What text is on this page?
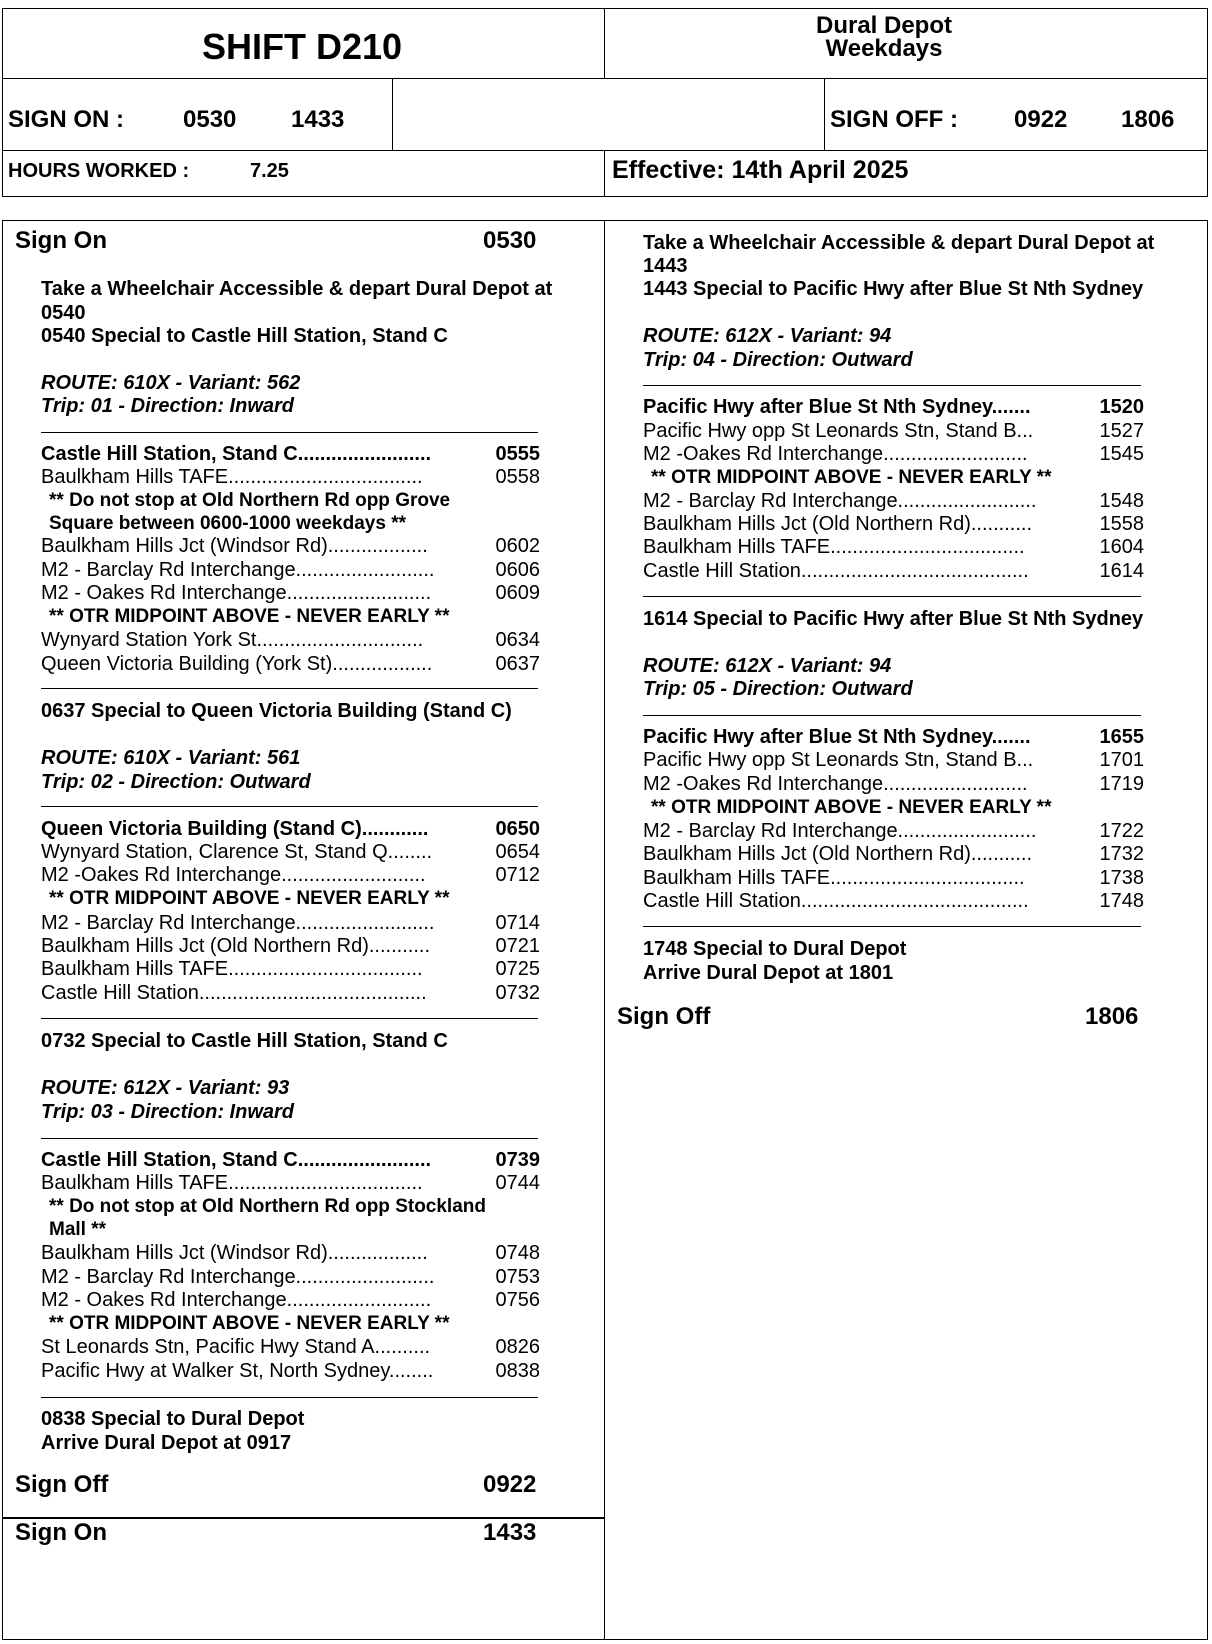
SHIFT D210
Dural Depot
Weekdays
SIGN ON : 0530 1433	SIGN OFF : 0922 1806
HOURS WORKED :	7.25	Effective: 14th April 2025
Sign On	0530
Take a Wheelchair Accessible & depart Dural Depot at
0540
0540 Special to Castle Hill Station, Stand C
ROUTE: 610X - Variant: 562
Trip: 01 - Direction: Inward
Castle Hill Station, Stand C........................	0555
Baulkham Hills TAFE...................................	0558
** Do not stop at Old Northern Rd opp Grove
Square between 0600-1000 weekdays **
Baulkham Hills Jct (Windsor Rd)..................	0602
M2 - Barclay Rd Interchange.........................	0606
M2 - Oakes Rd Interchange..........................	0609
** OTR MIDPOINT ABOVE - NEVER EARLY **
Wynyard Station York St..............................	0634
Queen Victoria Building (York St)..................	0637
0637 Special to Queen Victoria Building (Stand C)
ROUTE: 610X - Variant: 561
Trip: 02 - Direction: Outward
Queen Victoria Building (Stand C)............	0650
Wynyard Station, Clarence St, Stand Q........	0654
M2 -Oakes Rd Interchange..........................	0712
** OTR MIDPOINT ABOVE - NEVER EARLY **
M2 - Barclay Rd Interchange.........................	0714
Baulkham Hills Jct (Old Northern Rd)...........	0721
Baulkham Hills TAFE...................................	0725
Castle Hill Station.........................................	0732
0732 Special to Castle Hill Station, Stand C
ROUTE: 612X - Variant: 93
Trip: 03 - Direction: Inward
Castle Hill Station, Stand C........................	0739
Baulkham Hills TAFE...................................	0744
** Do not stop at Old Northern Rd opp Stockland
Mall **
Baulkham Hills Jct (Windsor Rd)..................	0748
M2 - Barclay Rd Interchange.........................	0753
M2 - Oakes Rd Interchange..........................	0756
** OTR MIDPOINT ABOVE - NEVER EARLY **
St Leonards Stn, Pacific Hwy Stand A..........	0826
Pacific Hwy at Walker St, North Sydney........	0838
0838 Special to Dural Depot
Arrive Dural Depot at 0917
Sign Off	0922
Sign On	1433
Take a Wheelchair Accessible & depart Dural Depot at
1443
1443 Special to Pacific Hwy after Blue St Nth Sydney
ROUTE: 612X - Variant: 94
Trip: 04 - Direction: Outward
Pacific Hwy after Blue St Nth Sydney.......	1520
Pacific Hwy opp St Leonards Stn, Stand B...	1527
M2 -Oakes Rd Interchange..........................	1545
** OTR MIDPOINT ABOVE - NEVER EARLY **
M2 - Barclay Rd Interchange.........................	1548
Baulkham Hills Jct (Old Northern Rd)...........	1558
Baulkham Hills TAFE...................................	1604
Castle Hill Station.........................................	1614
1614 Special to Pacific Hwy after Blue St Nth Sydney
ROUTE: 612X - Variant: 94
Trip: 05 - Direction: Outward
Pacific Hwy after Blue St Nth Sydney.......	1655
Pacific Hwy opp St Leonards Stn, Stand B...	1701
M2 -Oakes Rd Interchange..........................	1719
** OTR MIDPOINT ABOVE - NEVER EARLY **
M2 - Barclay Rd Interchange.........................	1722
Baulkham Hills Jct (Old Northern Rd)...........	1732
Baulkham Hills TAFE...................................	1738
Castle Hill Station.........................................	1748
1748 Special to Dural Depot
Arrive Dural Depot at 1801
Sign Off	1806
